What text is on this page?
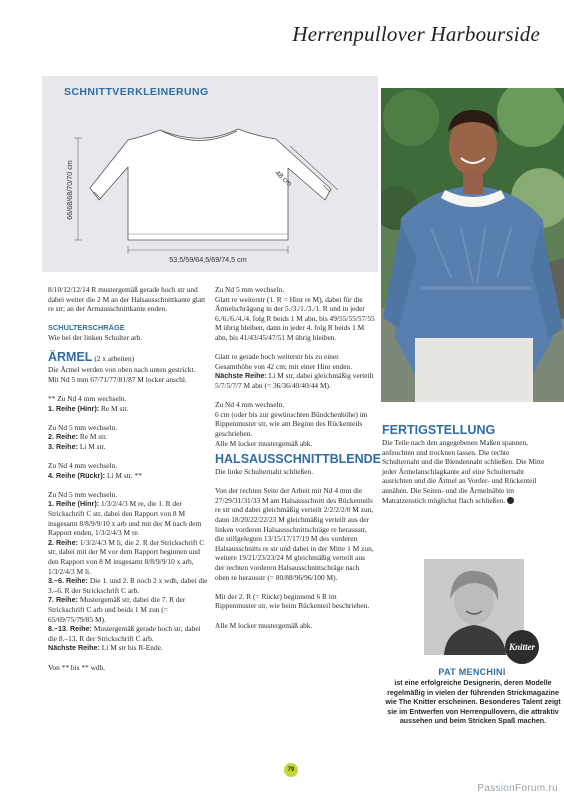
Herrenpullover Harbourside
SCHNITTVERKLEINERUNG
66/68/68/70/70 cm	48 cm
53,5/59/64,5/69/74,5 cm

8/10/12/12/14 R mustergemäß gerade hoch str und dabei weiter die 2 M an der Halsausschnittkante glatt re str; an der Armausschnittkante enden.

SCHULTERSCHRÄGE

Wie bei der linken Schulter arb.

ÄRMEL (2 x arbeiten)
Die Ärmel werden von oben nach unten gestrickt.

Mit Nd 5 mm 67/71/77/81/87 M locker anschl.

** Zu Nd 4 mm wechseln.

1. Reihe (Hinr): Re M str.

Zu Nd 5 mm wechseln.
2. Reihe: Re M str.

3. Reihe: Li M str.

Zu Nd 4 mm wechseln.

4. Reihe (Rückr): Li M str. **

Zu Nd 5 mm wechseln.
1. Reihe (Hinr): 1/3/2/4/3 M re, die 1. R der Strickschrift C str, dabei den Rapport von 8 M insgesamt 8/8/9/9/10 x arb und mit der M nach dem Rapport enden, 1/3/2/4/3 M re.
2. Reihe: 1/3/2/4/3 M li, die 2. R der Strickschrift C str, dabei mit der M vor dem Rapport beginnen und den Rapport von 8 M insgesamt 8/8/9/9/10 x arb, 1/3/2/4/3 M li.
3.–6. Reihe: Die 1. und 2. R noch 2 x wdh, dabei die 3.–6. R der Strickschrift C arb.
7. Reihe: Mustergemäß str, dabei die 7. R der Strickschrift C arb und beids 1 M zun (= 65/69/75/79/85 M).
8.–13. Reihe: Mustergemäß gerade hoch str, dabei die 8.–13. R der Strickschrift C arb.

Nächste Reihe: Li M str bis R-Ende.

Von ** bis ** wdh.
Zu Nd 5 mm wechseln.

Glatt re weiterstr (1. R = Hinr re M), dabei für die Ärmelschrägung in der 5./3./1./3./1. R und in jeder 6./6./6./4./4. folg R beids 1 M abn, bis 49/55/55/57/55 M übrig bleiben, dann in jeder 4. folg R beids 1 M abn, bis 41/43/45/47/51 M übrig bleiben.

Glatt re gerade hoch weiterstr bis zu einer Gesamthöhe von 42 cm; mit einer Hinr enden.

Nächste Reihe: Li M str, dabei gleichmäßig verteilt 5/7/5/7/7 M abn (= 36/36/40/40/44 M).

Zu Nd 4 mm wechseln.
6 cm (oder bis zur gewünschten Bündchenhöhe) im Rippenmuster str, wie am Beginn des Rückenteils geschrieben.
Alle M locker mustergemäß abk.
HALSAUSSCHNITTBLENDE

Die linke Schulternaht schließen.

Von der rechten Seite der Arbeit mit Nd 4 mm die 27/29/31/31/33 M am Halsausschnitt des Rückenteils re str und dabei gleichmäßig verteilt 2/2/2/2/0 M zun, dann 18/20/22/22/23 M gleichmäßig verteilt aus der linken vorderen Halsausschnittschräge re herausstr, die stillgelegten 13/15/17/17/19 M des vorderen Halsausschnitts re str und dabei in der Mitte 1 M zun, weitere 19/21/23/23/24 M gleichmäßig verteilt aus der rechten vorderen Halsausschnittschräge nach oben re herausstr (= 80/88/96/96/100 M).

Mit der 2. R (= Rückr) beginnend 6 R im Rippenmuster str, wie beim Rückenteil beschrieben.

Alle M locker mustergemäß abk.
FERTIGSTELLUNG
Die Teile nach den angegebenen Maßen spannen, anfeuchten und trocknen lassen. Die rechte Schulternaht und die Blendennaht schließen. Die Mitte jeder Ärmelanschlagkante auf eine Schulternaht ausrichten und die Ärmel an Vorder- und Rückenteil annähen. Die Seiten- und die Ärmelnähte im Matratzenstich möglichst flach schließen.
Knitter
PAT MENCHINI
ist eine erfolgreiche Designerin, deren Modelle regelmäßig in vielen der führenden Strickmagazine wie The Knitter erscheinen. Besonderes Talent zeigt sie im Entwerfen von Herrenpullovern, die attraktiv aussehen und beim Stricken Spaß machen.
79
PassionForum.ru
